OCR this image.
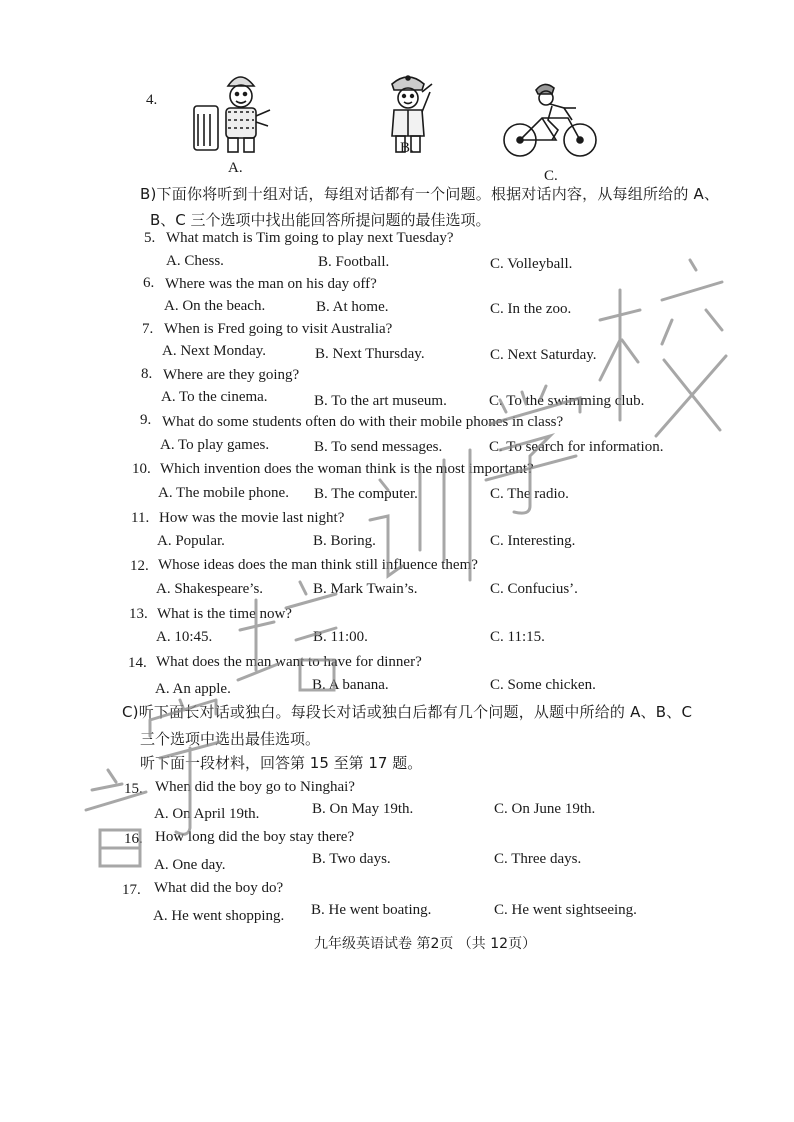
4.
A.
B.
C.
B)下面你将听到十组对话，每组对话都有一个问题。根据对话内容，从每组所给的 A、
B、C 三个选项中找出能回答所提问题的最佳选项。
5. What match is Tim going to play next Tuesday?
A. Chess.	B. Football.	C. Volleyball.
6. Where was the man on his day off?
A. On the beach.	B. At home.	C. In the zoo.
7. When is Fred going to visit Australia?
A. Next Monday.	B. Next Thursday.	C. Next Saturday.
8. Where are they going?
A. To the cinema.	B. To the art museum.	C. To the swimming club.
9. What do some students often do with their mobile phones in class?
A. To play games.	B. To send messages.	C. To search for information.
10. Which invention does the woman think is the most important?
A. The mobile phone. B. The computer.	C. The radio.
11. How was the movie last night?
A. Popular.	B. Boring.	C. Interesting.
12. Whose ideas does the man think still influence them?
A. Shakespeare’s.	B. Mark Twain’s.	C. Confucius’.
13. What is the time now?
A. 10:45.	B. 11:00.	C. 11:15.
14. What does the man want to have for dinner?
A. An apple.	B. A banana.	C. Some chicken.
C)听下面长对话或独白。每段长对话或独白后都有几个问题，从题中所给的 A、B、C
三个选项中选出最佳选项。
听下面一段材料，回答第 15 至第 17 题。
15. When did the boy go to Ninghai?
A. On April 19th.	B. On May 19th.	C. On June 19th.
16. How long did the boy stay there?
A. One day.	B. Two days.	C. Three days.
17. What did the boy do?
A. He went shopping. B. He went boating.	C. He went sightseeing.
九年级英语试卷 第2页 （共 12页）
